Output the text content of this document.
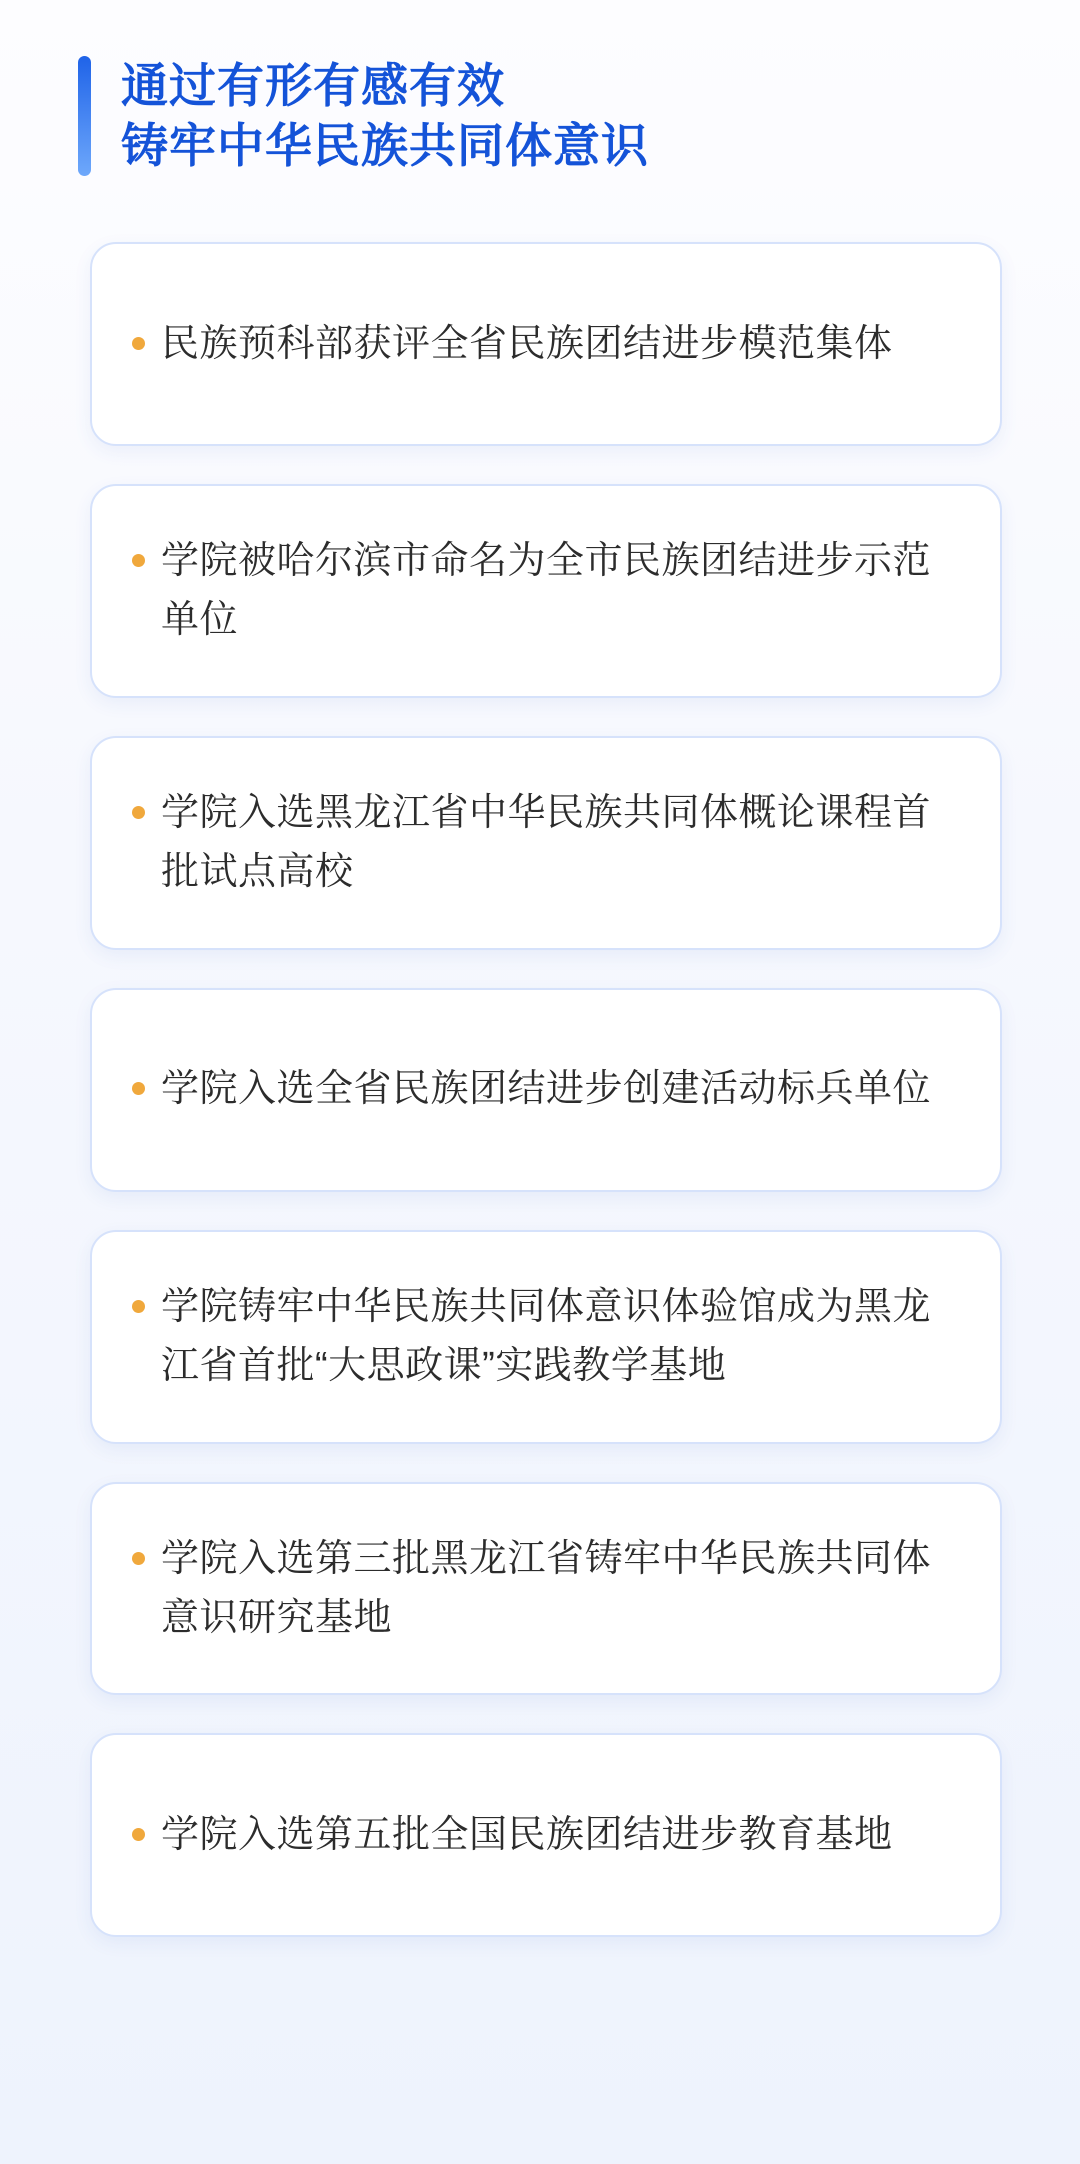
通过有形有感有效
铸牢中华民族共同体意识
民族预科部获评全省民族团结进步模范集体
学院被哈尔滨市命名为全市民族团结进步示范单位
学院入选黑龙江省中华民族共同体概论课程首批试点高校
学院入选全省民族团结进步创建活动标兵单位
学院铸牢中华民族共同体意识体验馆成为黑龙江省首批“大思政课”实践教学基地
学院入选第三批黑龙江省铸牢中华民族共同体意识研究基地
学院入选第五批全国民族团结进步教育基地
